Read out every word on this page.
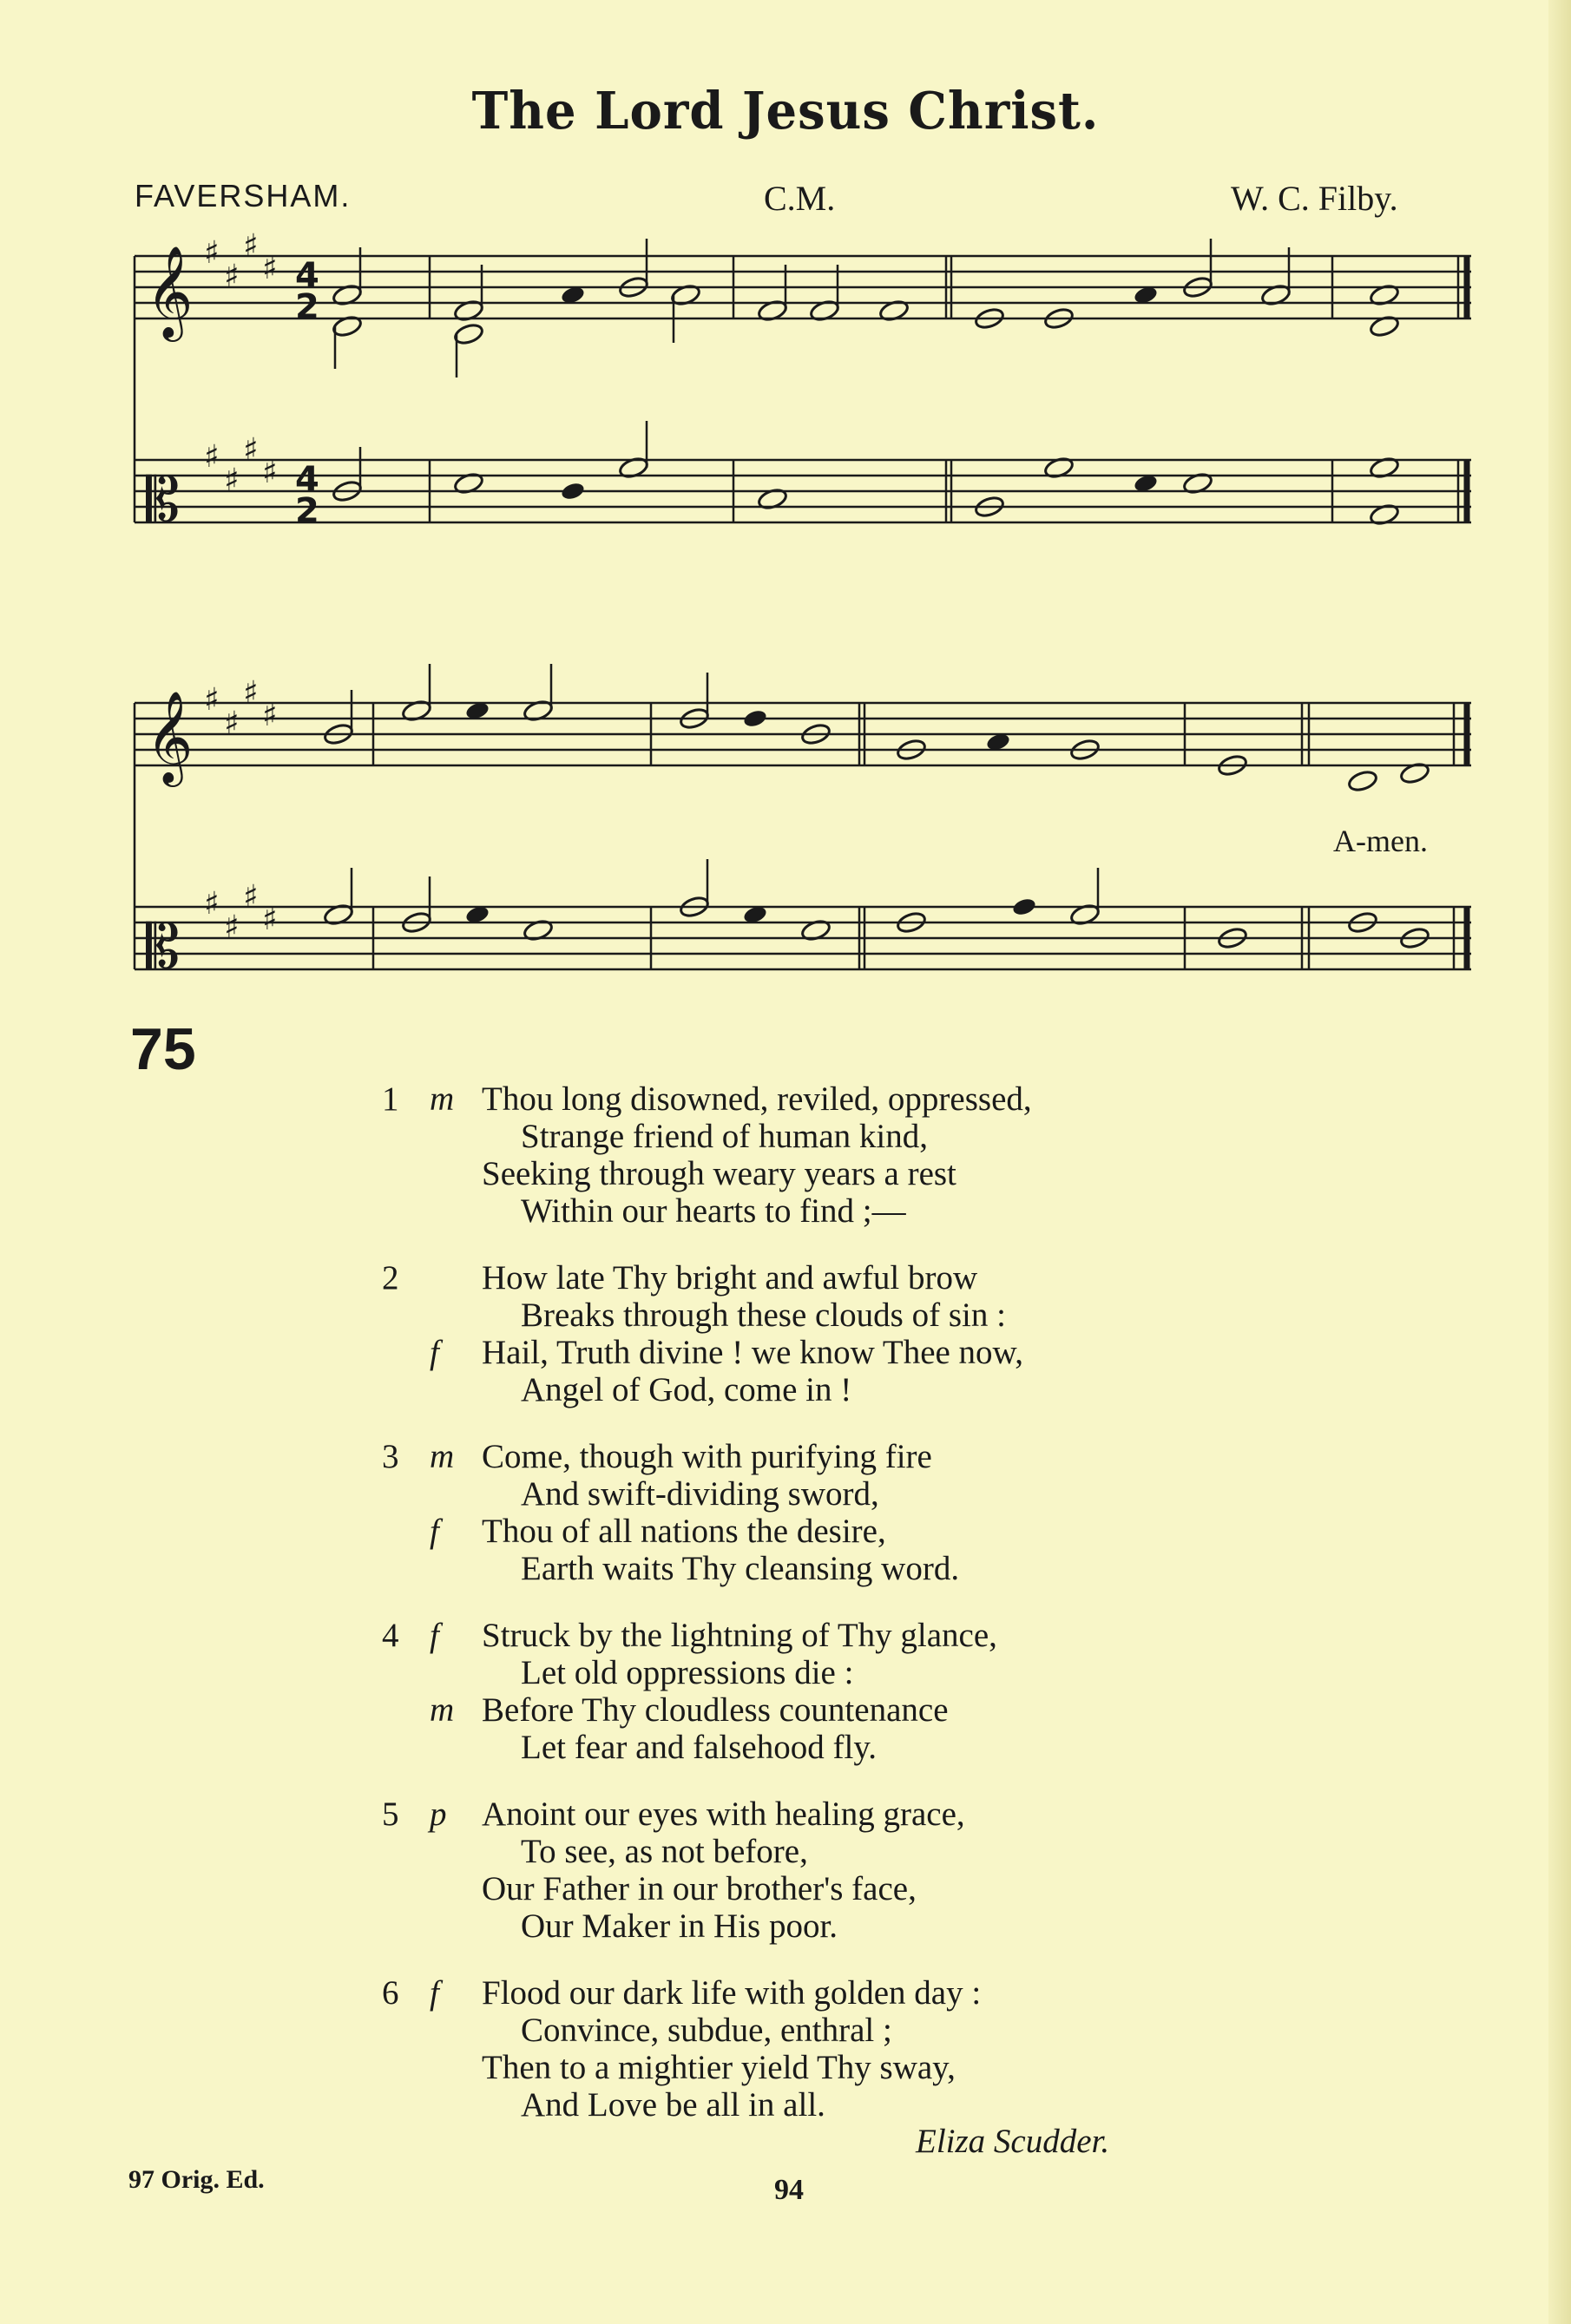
The Lord Jesus Christ.
FAVERSHAM.	C.M.	W. C. Filby.
𝄞
𝄡
𝄞
𝄡
♯
♯
♯
♯
♯
♯
♯
♯
♯
♯
♯
♯
♯
♯
♯
♯
4
2
4
2
A-men.
75
1 m Thou long disowned, reviled, oppressed,
Strange friend of human kind,
Seeking through weary years a rest
Within our hearts to find ;—
2 How late Thy bright and awful brow
Breaks through these clouds of sin :
f Hail, Truth divine ! we know Thee now,
Angel of God, come in !
3 m Come, though with purifying fire
And swift-dividing sword,
f Thou of all nations the desire,
Earth waits Thy cleansing word.
4 f Struck by the lightning of Thy glance,
Let old oppressions die :
m Before Thy cloudless countenance
Let fear and falsehood fly.
5 p Anoint our eyes with healing grace,
To see, as not before,
Our Father in our brother's face,
Our Maker in His poor.
6 f Flood our dark life with golden day :
Convince, subdue, enthral ;
Then to a mightier yield Thy sway,
And Love be all in all.
Eliza Scudder.
97 Orig. Ed.	94
